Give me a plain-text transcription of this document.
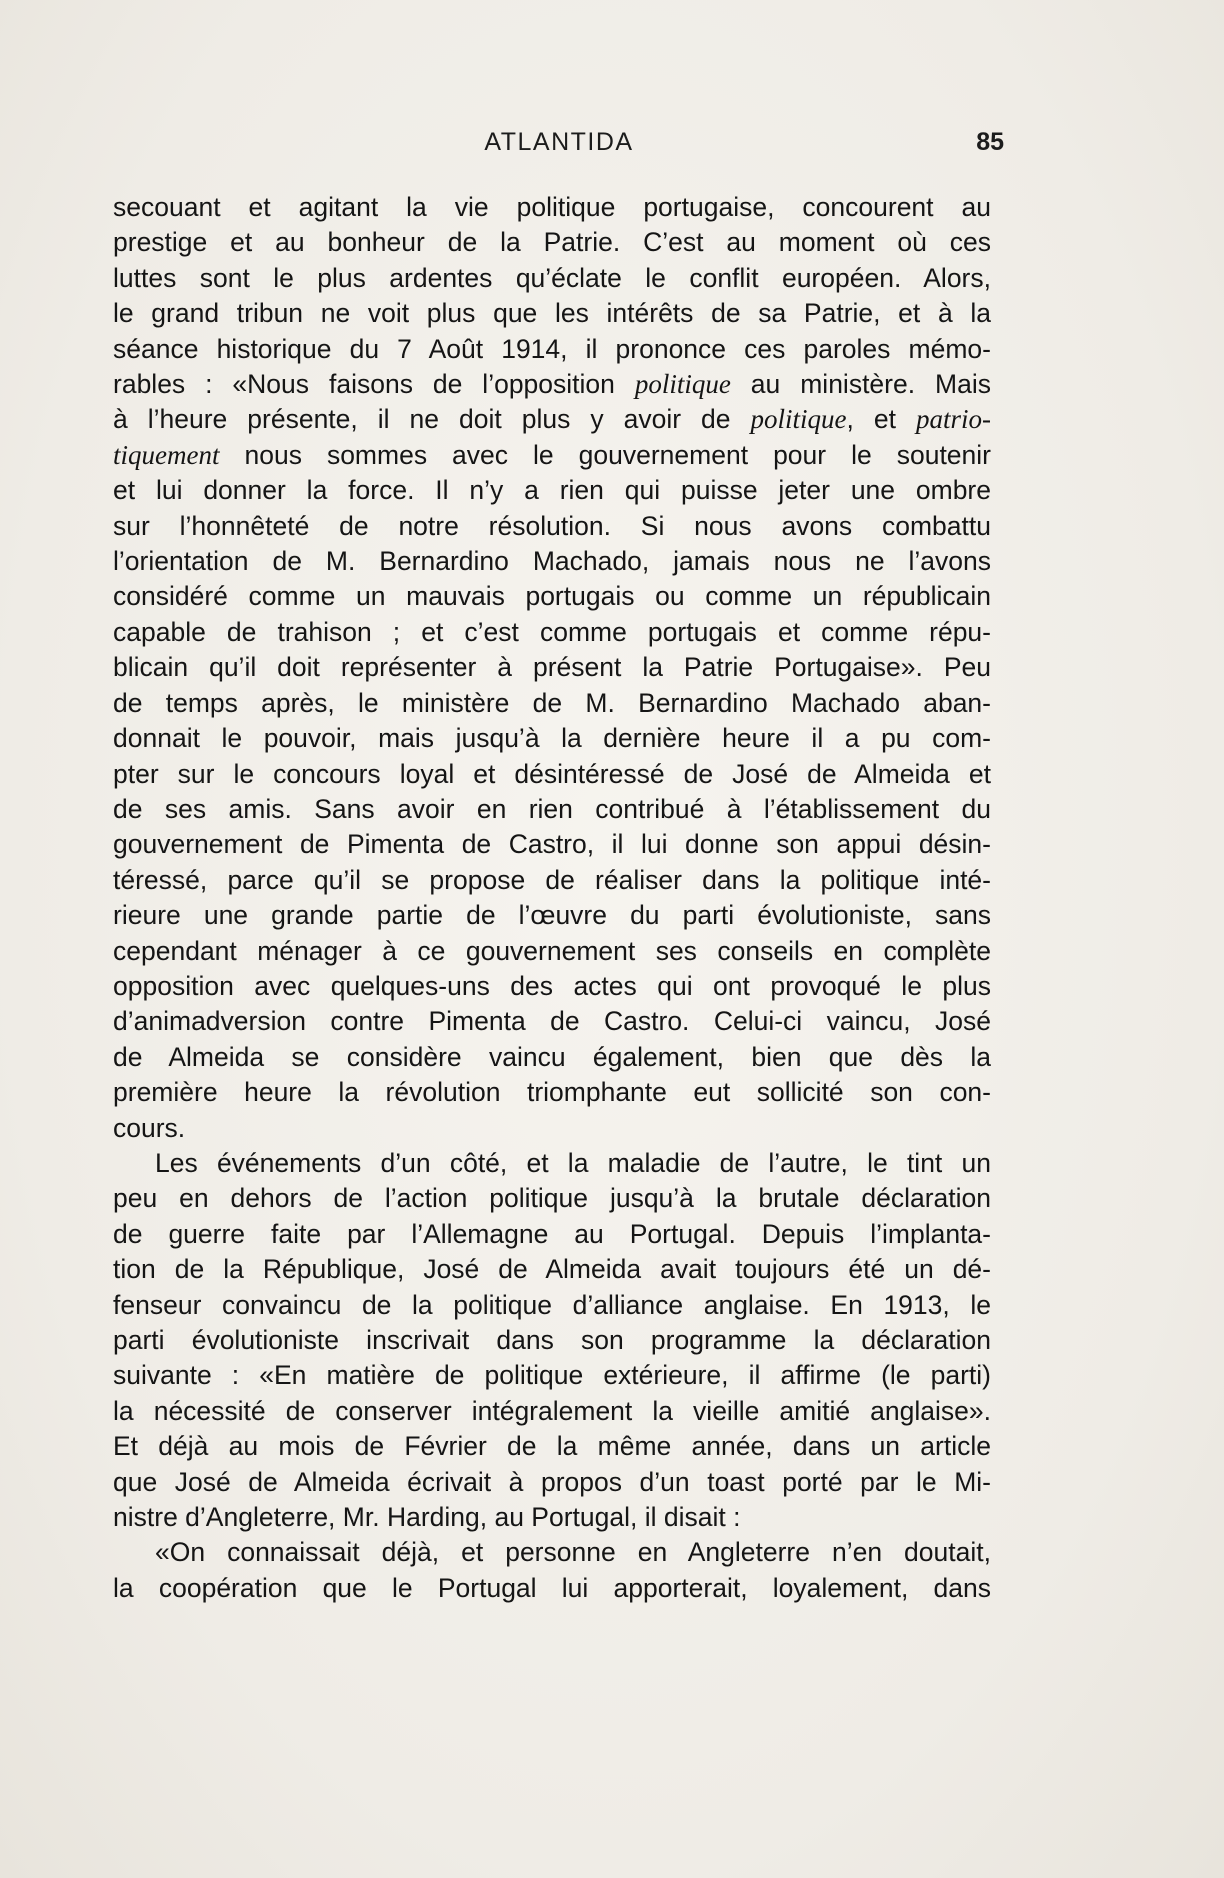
ATLANTIDA	85
secouant et agitant la vie politique portugaise, concourent au
prestige et au bonheur de la Patrie. C’est au moment où ces
luttes sont le plus ardentes qu’éclate le conflit européen. Alors,
le grand tribun ne voit plus que les intérêts de sa Patrie, et à la
séance historique du 7 Août 1914, il prononce ces paroles mémo-
rables : «Nous faisons de l’opposition politique au ministère. Mais
à l’heure présente, il ne doit plus y avoir de politique, et patrio-
tiquement nous sommes avec le gouvernement pour le soutenir
et lui donner la force. Il n’y a rien qui puisse jeter une ombre
sur l’honnêteté de notre résolution. Si nous avons combattu
l’orientation de M. Bernardino Machado, jamais nous ne l’avons
considéré comme un mauvais portugais ou comme un républicain
capable de trahison ; et c’est comme portugais et comme répu-
blicain qu’il doit représenter à présent la Patrie Portugaise». Peu
de temps après, le ministère de M. Bernardino Machado aban-
donnait le pouvoir, mais jusqu’à la dernière heure il a pu com-
pter sur le concours loyal et désintéressé de José de Almeida et
de ses amis. Sans avoir en rien contribué à l’établissement du
gouvernement de Pimenta de Castro, il lui donne son appui désin-
téressé, parce qu’il se propose de réaliser dans la politique inté-
rieure une grande partie de l’œuvre du parti évolutioniste, sans
cependant ménager à ce gouvernement ses conseils en complète
opposition avec quelques-uns des actes qui ont provoqué le plus
d’animadversion contre Pimenta de Castro. Celui-ci vaincu, José
de Almeida se considère vaincu également, bien que dès la
première heure la révolution triomphante eut sollicité son con-
cours.
Les événements d’un côté, et la maladie de l’autre, le tint un
peu en dehors de l’action politique jusqu’à la brutale déclaration
de guerre faite par l’Allemagne au Portugal. Depuis l’implanta-
tion de la République, José de Almeida avait toujours été un dé-
fenseur convaincu de la politique d’alliance anglaise. En 1913, le
parti évolutioniste inscrivait dans son programme la déclaration
suivante : «En matière de politique extérieure, il affirme (le parti)
la nécessité de conserver intégralement la vieille amitié anglaise».
Et déjà au mois de Février de la même année, dans un article
que José de Almeida écrivait à propos d’un toast porté par le Mi-
nistre d’Angleterre, Mr. Harding, au Portugal, il disait :
«On connaissait déjà, et personne en Angleterre n’en doutait,
la coopération que le Portugal lui apporterait, loyalement, dans
